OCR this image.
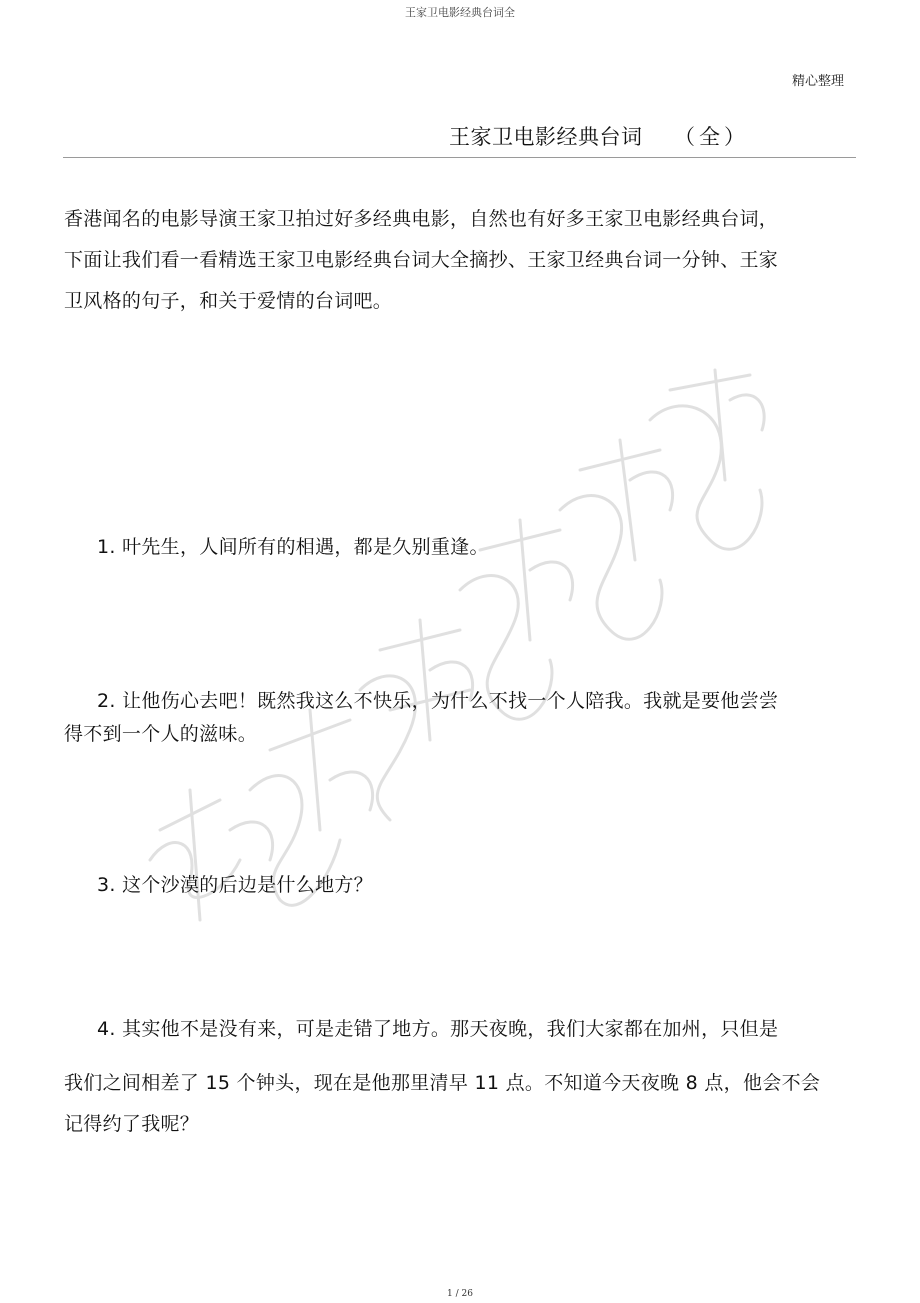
王家卫电影经典台词全
精心整理
王家卫电影经典台词 （全）

香港闻名的电影导演王家卫拍过好多经典电影，自然也有好多王家卫电影经典台词，

下面让我们看一看精选王家卫电影经典台词大全摘抄、王家卫经典台词一分钟、王家

卫风格的句子，和关于爱情的台词吧。

1. 叶先生，人间所有的相遇，都是久别重逢。

2. 让他伤心去吧！既然我这么不快乐，为什么不找一个人陪我。我就是要他尝尝

得不到一个人的滋味。

3. 这个沙漠的后边是什么地方？

4. 其实他不是没有来，可是走错了地方。那天夜晚，我们大家都在加州，只但是

我们之间相差了 15 个钟头，现在是他那里清早 11 点。不知道今天夜晚 8 点，他会不会

记得约了我呢？

1 / 26
